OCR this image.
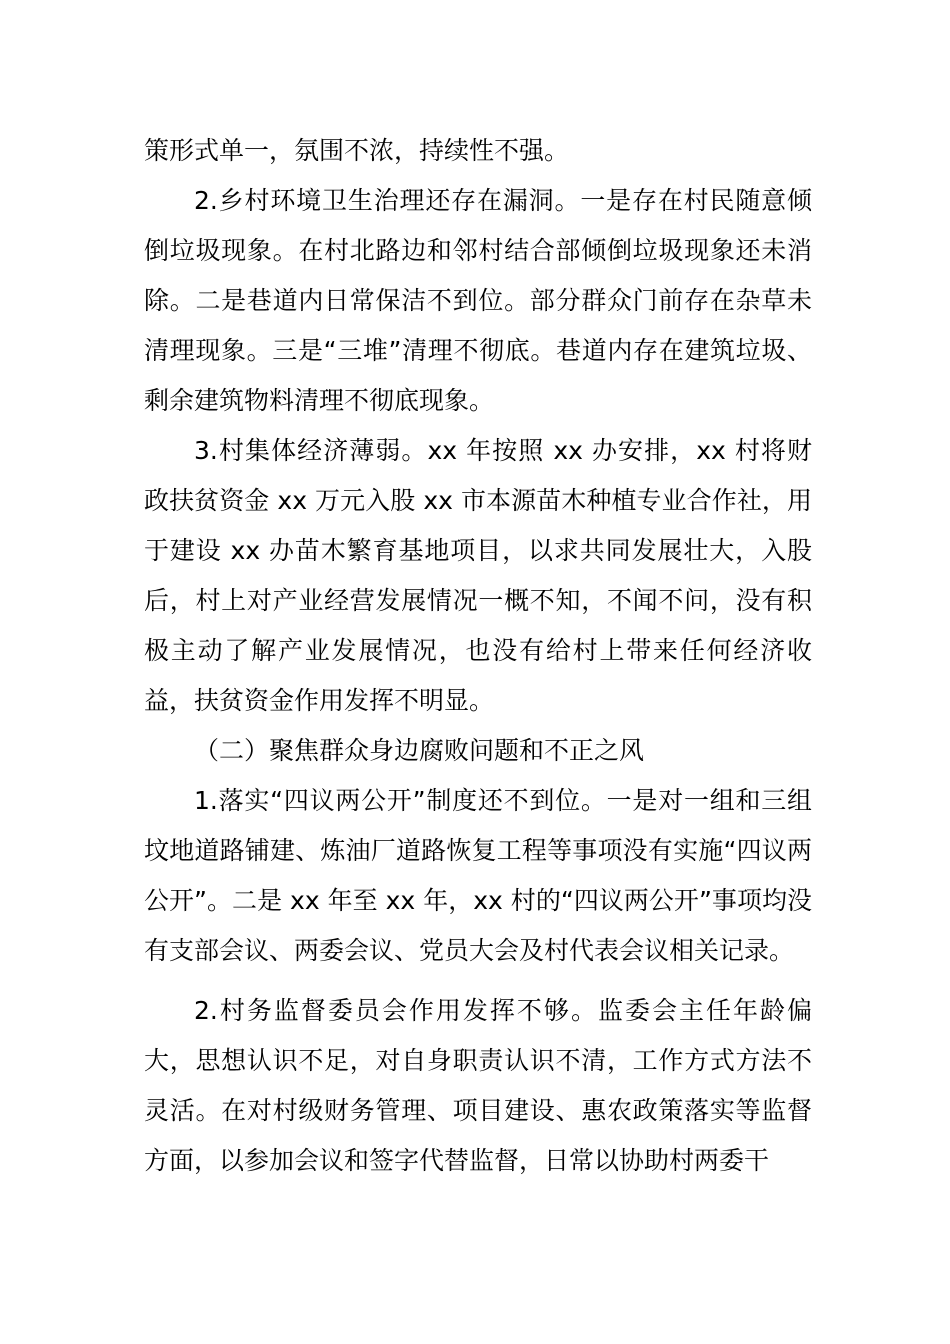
策形式单一，氛围不浓，持续性不强。

2.乡村环境卫生治理还存在漏洞。一是存在村民随意倾倒垃圾现象。在村北路边和邻村结合部倾倒垃圾现象还未消除。二是巷道内日常保洁不到位。部分群众门前存在杂草未清理现象。三是“三堆”清理不彻底。巷道内存在建筑垃圾、剩余建筑物料清理不彻底现象。

3.村集体经济薄弱。xx 年按照 xx 办安排，xx 村将财政扶贫资金 xx 万元入股 xx 市本源苗木种植专业合作社，用于建设 xx 办苗木繁育基地项目，以求共同发展壮大，入股后，村上对产业经营发展情况一概不知，不闻不问，没有积极主动了解产业发展情况，也没有给村上带来任何经济收益，扶贫资金作用发挥不明显。

（二）聚焦群众身边腐败问题和不正之风

1.落实“四议两公开”制度还不到位。一是对一组和三组坟地道路铺建、炼油厂道路恢复工程等事项没有实施“四议两公开”。二是 xx 年至 xx 年，xx 村的“四议两公开”事项均没有支部会议、两委会议、党员大会及村代表会议相关记录。

2.村务监督委员会作用发挥不够。监委会主任年龄偏大，思想认识不足，对自身职责认识不清，工作方式方法不灵活。在对村级财务管理、项目建设、惠农政策落实等监督方面，以参加会议和签字代替监督，日常以协助村两委干
